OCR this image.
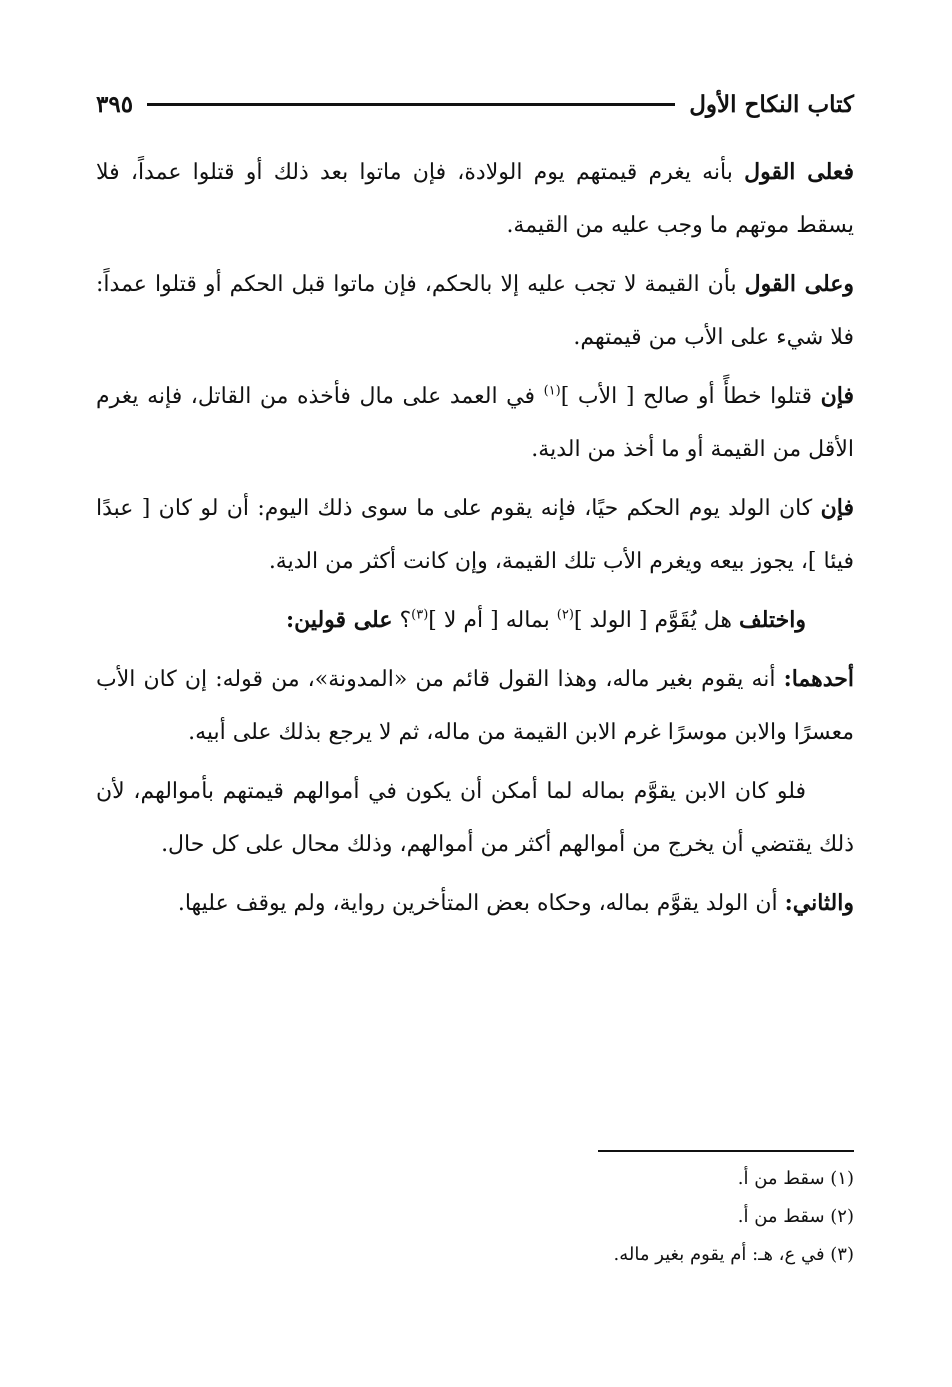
كتاب النكاح الأول
٣٩٥

فعلى القول بأنه يغرم قيمتهم يوم الولادة، فإن ماتوا بعد ذلك أو قتلوا عمداً، فلا يسقط موتهم ما وجب عليه من القيمة.

وعلى القول بأن القيمة لا تجب عليه إلا بالحكم، فإن ماتوا قبل الحكم أو قتلوا عمداً: فلا شيء على الأب من قيمتهم.

فإن قتلوا خطأً أو صالح [ الأب ]$^{(١)}$ في العمد على مال فأخذه من القاتل، فإنه يغرم الأقل من القيمة أو ما أخذ من الدية.

فإن كان الولد يوم الحكم حيًا، فإنه يقوم على ما سوى ذلك اليوم: أن لو كان [ عبدًا فيئا ]، يجوز بيعه ويغرم الأب تلك القيمة، وإن كانت أكثر من الدية.

واختلف هل يُقَوَّم [ الولد ]$^{(٢)}$ بماله [ أم لا ]$^{(٣)}$؟ على قولين:

أحدهما: أنه يقوم بغير ماله، وهذا القول قائم من «المدونة»، من قوله: إن كان الأب معسرًا والابن موسرًا غرم الابن القيمة من ماله، ثم لا يرجع بذلك على أبيه.

فلو كان الابن يقوَّم بماله لما أمكن أن يكون في أموالهم قيمتهم بأموالهم، لأن ذلك يقتضي أن يخرج من أموالهم أكثر من أموالهم، وذلك محال على كل حال.

والثاني: أن الولد يقوَّم بماله، وحكاه بعض المتأخرين رواية، ولم يوقف عليها.

(١) سقط من أ.

(٢) سقط من أ.

(٣) في ع، هـ: أم يقوم بغير ماله.
